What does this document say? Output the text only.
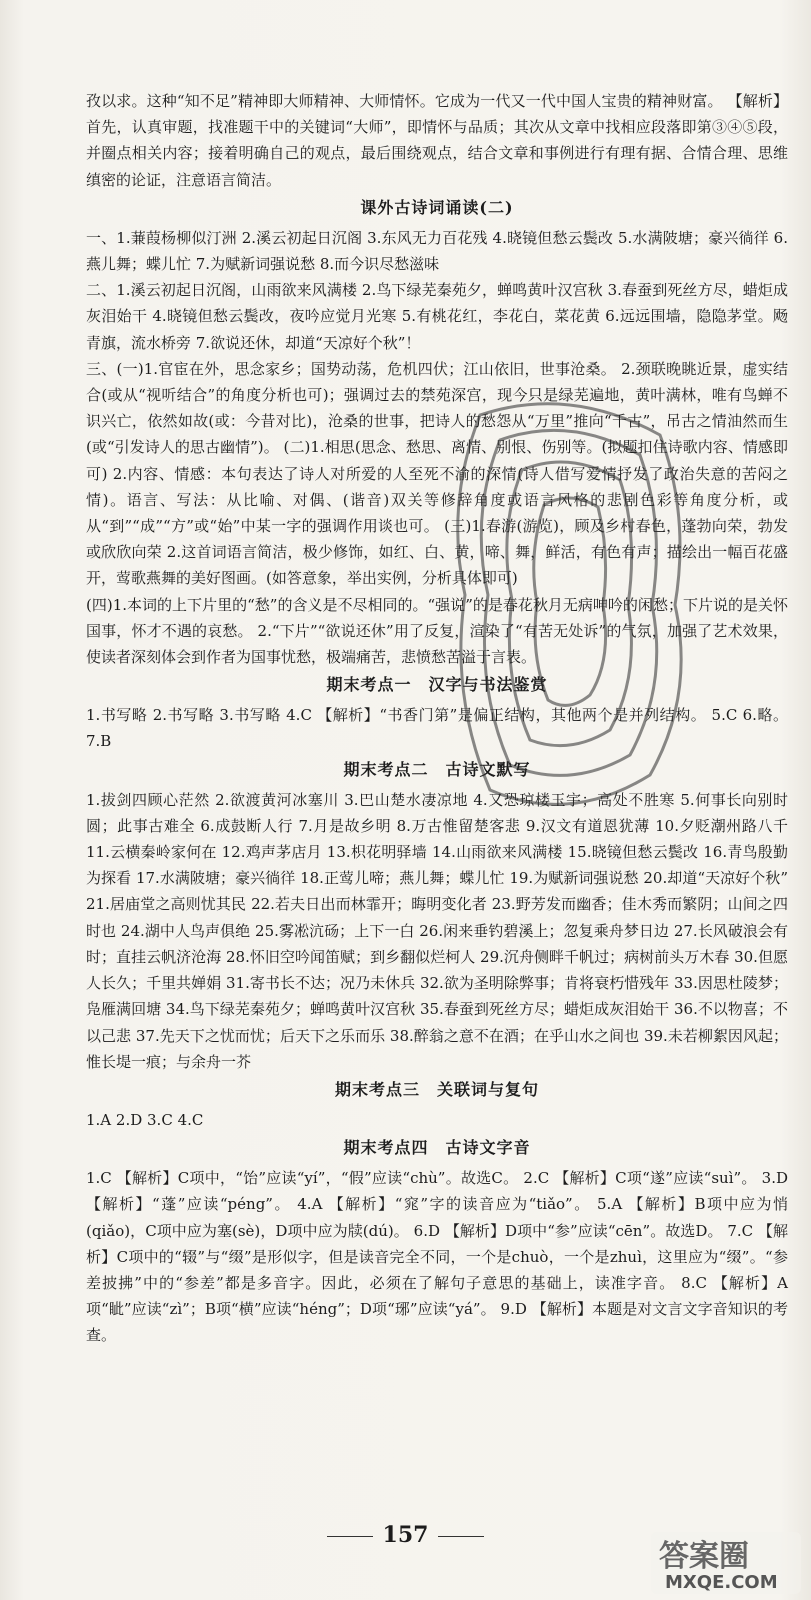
孜以求。这种“知不足”精神即大师精神、大师情怀。它成为一代又一代中国人宝贵的精神财富。 【解析】首先，认真审题，找准题干中的关键词“大师”，即情怀与品质；其次从文章中找相应段落即第③④⑤段，并圈点相关内容；接着明确自己的观点，最后围绕观点，结合文章和事例进行有理有据、合情合理、思维缜密的论证，注意语言简洁。

课外古诗词诵读(二)

一、1.蒹葭杨柳似汀洲 2.溪云初起日沉阁 3.东风无力百花残 4.晓镜但愁云鬓改 5.水满陂塘；豪兴徜徉 6.燕儿舞；蝶儿忙 7.为赋新词强说愁 8.而今识尽愁滋味

二、1.溪云初起日沉阁，山雨欲来风满楼 2.鸟下绿芜秦苑夕，蝉鸣黄叶汉宫秋 3.春蚕到死丝方尽，蜡炬成灰泪始干 4.晓镜但愁云鬓改，夜吟应觉月光寒 5.有桃花红，李花白，菜花黄 6.远远围墙，隐隐茅堂。飏青旗，流水桥旁 7.欲说还休，却道“天凉好个秋”！

三、(一)1.官宦在外，思念家乡；国势动荡，危机四伏；江山依旧，世事沧桑。 2.颈联晚眺近景，虚实结合(或从“视听结合”的角度分析也可)；强调过去的禁苑深宫，现今只是绿芜遍地，黄叶满林，唯有鸟蝉不识兴亡，依然如故(或：今昔对比)，沧桑的世事，把诗人的愁怨从“万里”推向“千古”，吊古之情油然而生(或“引发诗人的思古幽情”)。 (二)1.相思(思念、愁思、离情、别恨、伤别等。(拟题扣住诗歌内容、情感即可) 2.内容、情感：本句表达了诗人对所爱的人至死不渝的深情(诗人借写爱情抒发了政治失意的苦闷之情)。语言、写法：从比喻、对偶、(谐音)双关等修辞角度或语言风格的悲剧色彩等角度分析，或从“到”“成”“方”或“始”中某一字的强调作用谈也可。 (三)1.春游(游览)，顾及乡村春色，蓬勃向荣，勃发或欣欣向荣 2.这首词语言简洁，极少修饰，如红、白、黄，啼、舞，鲜活，有色有声；描绘出一幅百花盛开，莺歌燕舞的美好图画。(如答意象，举出实例，分析具体即可)

(四)1.本词的上下片里的“愁”的含义是不尽相同的。“强说”的是春花秋月无病呻吟的闲愁；下片说的是关怀国事，怀才不遇的哀愁。 2.“下片”“欲说还休”用了反复，渲染了“有苦无处诉”的气氛，加强了艺术效果，使读者深刻体会到作者为国事忧愁，极端痛苦，悲愤愁苦溢于言表。

期末考点一　汉字与书法鉴赏

1.书写略 2.书写略 3.书写略 4.C 【解析】“书香门第”是偏正结构，其他两个是并列结构。 5.C 6.略。 7.B

期末考点二　古诗文默写

1.拔剑四顾心茫然 2.欲渡黄河冰塞川 3.巴山楚水凄凉地 4.又恐琼楼玉宇；高处不胜寒 5.何事长向别时圆；此事古难全 6.成鼓断人行 7.月是故乡明 8.万古惟留楚客悲 9.汉文有道恩犹薄 10.夕贬潮州路八千 11.云横秦岭家何在 12.鸡声茅店月 13.枳花明驿墙 14.山雨欲来风满楼 15.晓镜但愁云鬓改 16.青鸟殷勤为探看 17.水满陂塘；豪兴徜徉 18.正莺儿啼；燕儿舞；蝶儿忙 19.为赋新词强说愁 20.却道“天凉好个秋” 21.居庙堂之高则忧其民 22.若夫日出而林霏开；晦明变化者 23.野芳发而幽香；佳木秀而繁阴；山间之四时也 24.湖中人鸟声俱绝 25.雾凇沆砀；上下一白 26.闲来垂钓碧溪上；忽复乘舟梦日边 27.长风破浪会有时；直挂云帆济沧海 28.怀旧空吟闻笛赋；到乡翻似烂柯人 29.沉舟侧畔千帆过；病树前头万木春 30.但愿人长久；千里共婵娟 31.寄书长不达；况乃未休兵 32.欲为圣明除弊事；肯将衰朽惜残年 33.因思杜陵梦；凫雁满回塘 34.鸟下绿芜秦苑夕；蝉鸣黄叶汉宫秋 35.春蚕到死丝方尽；蜡炬成灰泪始干 36.不以物喜；不以己悲 37.先天下之忧而忧；后天下之乐而乐 38.醉翁之意不在酒；在乎山水之间也 39.未若柳絮因风起；惟长堤一痕；与余舟一芥

期末考点三　关联词与复句

1.A 2.D 3.C 4.C

期末考点四　古诗文字音

1.C 【解析】C项中，“饴”应读“yí”，“假”应读“chù”。故选C。 2.C 【解析】C项“遂”应读“suì”。 3.D 【解析】“蓬”应读“péng”。 4.A 【解析】“窕”字的读音应为“tiǎo”。 5.A 【解析】B项中应为悄(qiǎo)，C项中应为塞(sè)，D项中应为牍(dú)。 6.D 【解析】D项中“参”应读“cēn”。故选D。 7.C 【解析】C项中的“辍”与“缀”是形似字，但是读音完全不同，一个是chuò，一个是zhuì，这里应为“缀”。“参差披拂”中的“参差”都是多音字。因此，必须在了解句子意思的基础上，读准字音。 8.C 【解析】A项“眦”应读“zì”；B项“横”应读“héng”；D项“琊”应读“yá”。 9.D 【解析】本题是对文言文字音知识的考查。

157
答案圈
MXQE.COM
